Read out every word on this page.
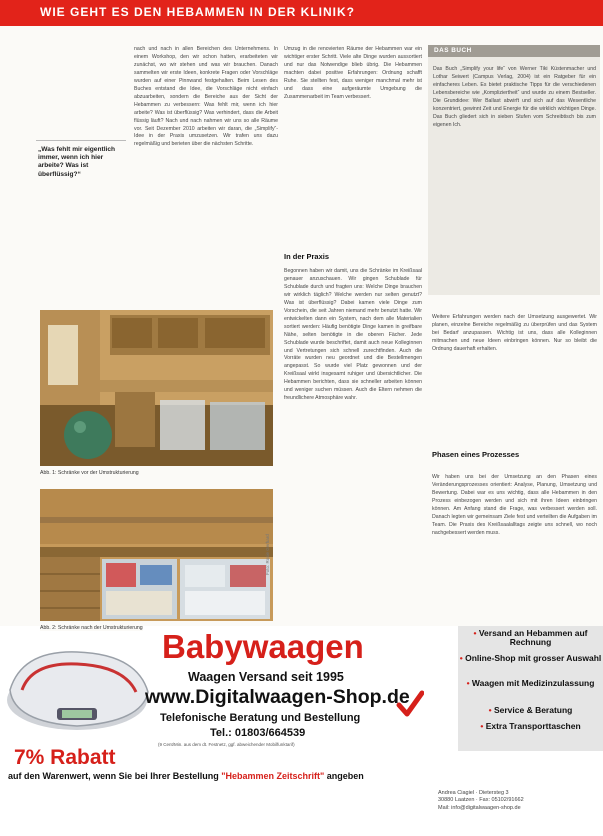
WIE GEHT ES DEN HEBAMMEN IN DER KLINIK?
„Was fehlt mir eigentlich immer, wenn ich hier arbeite? Was ist überflüssig?“
nach und nach in allen Bereichen des Unternehmens. In einem Workshop, den wir schon hatten, erarbeiteten wir zunächst, wo wir stehen und was wir brauchen. Danach sammelten wir erste Ideen, konkrete Fragen oder Vorschläge wurden auf einer Pinnwand festgehalten. Beim Lesen des Buches entstand die Idee, die Vorschläge nicht einfach abzuarbeiten, sondern die Bereiche aus der Sicht der Hebammen zu verbessern: Was fehlt mir, wenn ich hier arbeite? Was ist überflüssig? Was verhindert, dass die Arbeit flüssig läuft? Nach und nach nahmen wir uns so alle Räume vor. Seit Dezember 2010 arbeiten wir daran, die „Simplify“-Idee in der Praxis umzusetzen. Wir trafen uns dazu regelmäßig und berieten über die nächsten Schritte.
Umzug in die renovierten Räume der Hebammen war ein wichtiger erster Schritt. Viele alte Dinge wurden aussortiert und nur das Notwendige blieb übrig. Die Hebammen machten dabei positive Erfahrungen: Ordnung schafft Ruhe. Sie stellten fest, dass weniger manchmal mehr ist und dass eine aufgeräumte Umgebung die Zusammenarbeit im Team verbessert.
In der Praxis
Begonnen haben wir damit, uns die Schränke im Kreißsaal genauer anzuschauen. Wir gingen Schublade für Schublade durch und fragten uns: Welche Dinge brauchen wir wirklich täglich? Welche werden nur selten genutzt? Was ist überflüssig? Dabei kamen viele Dinge zum Vorschein, die seit Jahren niemand mehr benutzt hatte. Wir entwickelten dann ein System, nach dem alle Materialien sortiert werden: Häufig benötigte Dinge kamen in greifbare Nähe, selten benötigte in die oberen Fächer. Jede Schublade wurde beschriftet, damit auch neue Kolleginnen und Vertretungen sich schnell zurechtfinden. Auch die Vorräte wurden neu geordnet und die Bestellmengen angepasst. So wurde viel Platz gewonnen und der Kreißsaal wirkt insgesamt ruhiger und übersichtlicher. Die Hebammen berichten, dass sie schneller arbeiten können und weniger suchen müssen. Auch die Eltern nehmen die freundlichere Atmosphäre wahr.
DAS BUCH
Das Buch „Simplify your life“ von Werner Tiki Küstenmacher und Lothar Seiwert (Campus Verlag, 2004) ist ein Ratgeber für ein einfacheres Leben. Es bietet praktische Tipps für die verschiedenen Lebensbereiche wie „Kompliziertheit“ und wurde zu einem Bestseller. Die Grundidee: Wer Ballast abwirft und sich auf das Wesentliche konzentriert, gewinnt Zeit und Energie für die wirklich wichtigen Dinge. Das Buch gliedert sich in sieben Stufen vom Schreibtisch bis zum eigenen Ich.
Weitere Erfahrungen werden nach der Umsetzung ausgewertet. Wir planen, einzelne Bereiche regelmäßig zu überprüfen und das System bei Bedarf anzupassen. Wichtig ist uns, dass alle Kolleginnen mitmachen und neue Ideen einbringen können. Nur so bleibt die Ordnung dauerhaft erhalten.
Phasen eines Prozesses
Wir haben uns bei der Umsetzung an den Phasen eines Veränderungsprozesses orientiert: Analyse, Planung, Umsetzung und Bewertung. Dabei war es uns wichtig, dass alle Hebammen in den Prozess einbezogen werden und sich mit ihren Ideen einbringen können. Am Anfang stand die Frage, was verbessert werden soll. Danach legten wir gemeinsam Ziele fest und verteilten die Aufgaben im Team. Die Praxis des Kreißsaalalltags zeigte uns schnell, wo noch nachgebessert werden muss.
Abb. 1: Schränke vor der Umstrukturierung
Foto: Rosie Gerhard
Abb. 2: Schränke nach der Umstrukturierung Babywaagen
Waagen Versand seit 1995
www.Digitalwaagen-Shop.de
Telefonische Beratung und Bestellung
Tel.: 01803/664539
(9 Cent/Min. aus dem dt. Festnetz, ggf. abweichender Mobilfunktarif)
7% Rabatt
auf den Warenwert, wenn Sie bei Ihrer Bestellung "Hebammen Zeitschrift" angeben
• Versand an Hebammen auf Rechnung
• Online-Shop mit grosser Auswahl
• Waagen mit Medizinzulassung
• Service & Beratung
• Extra Transporttaschen
Andrea Ciagiel · Dietersteg 3
30880 Laatzen · Fax: 05102/91662
Mail: info@digitalwaagen-shop.de
